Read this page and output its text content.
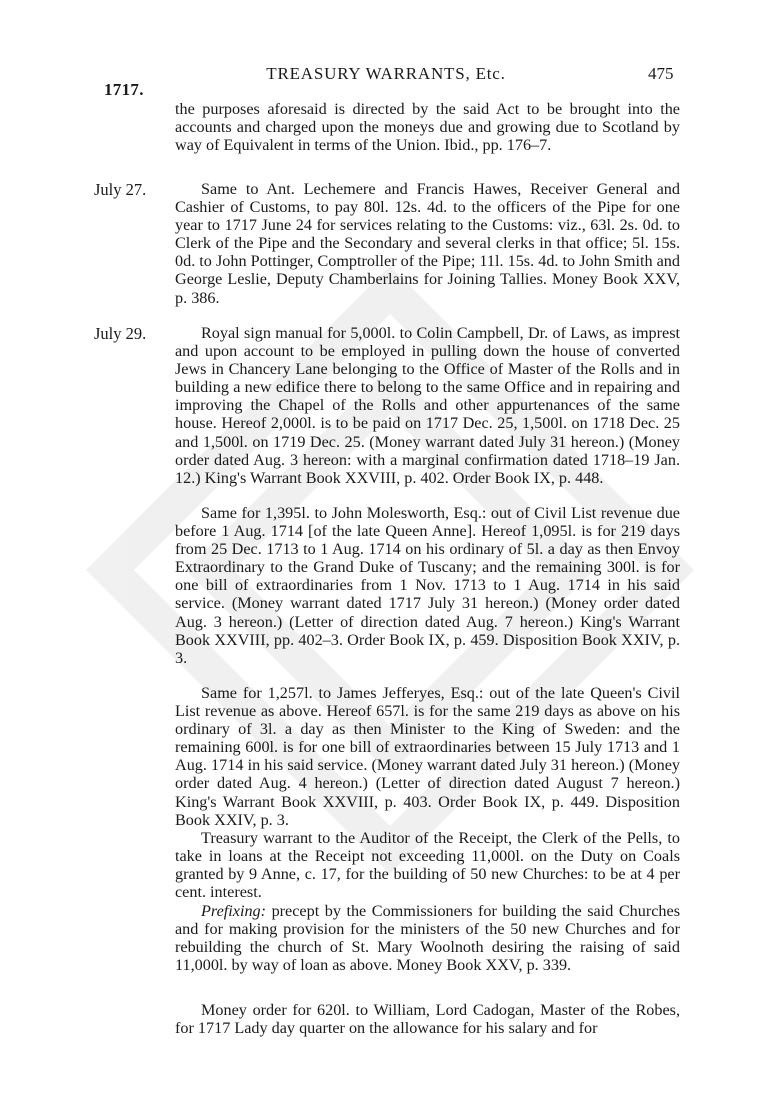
1717.
TREASURY WARRANTS, Etc.	475
the purposes aforesaid is directed by the said Act to be brought into the accounts and charged upon the moneys due and growing due to Scotland by way of Equivalent in terms of the Union. Ibid., pp. 176–7.
July 27.	Same to Ant. Lechemere and Francis Hawes, Receiver General and Cashier of Customs, to pay 80l. 12s. 4d. to the officers of the Pipe for one year to 1717 June 24 for services relating to the Customs: viz., 63l. 2s. 0d. to Clerk of the Pipe and the Secondary and several clerks in that office; 5l. 15s. 0d. to John Pottinger, Comptroller of the Pipe; 11l. 15s. 4d. to John Smith and George Leslie, Deputy Chamberlains for Joining Tallies. Money Book XXV, p. 386.
July 29.	Royal sign manual for 5,000l. to Colin Campbell, Dr. of Laws, as imprest and upon account to be employed in pulling down the house of converted Jews in Chancery Lane belonging to the Office of Master of the Rolls and in building a new edifice there to belong to the same Office and in repairing and improving the Chapel of the Rolls and other appurtenances of the same house. Hereof 2,000l. is to be paid on 1717 Dec. 25, 1,500l. on 1718 Dec. 25 and 1,500l. on 1719 Dec. 25. (Money warrant dated July 31 hereon.) (Money order dated Aug. 3 hereon: with a marginal confirmation dated 1718–19 Jan. 12.) King's Warrant Book XXVIII, p. 402. Order Book IX, p. 448.
Same for 1,395l. to John Molesworth, Esq.: out of Civil List revenue due before 1 Aug. 1714 [of the late Queen Anne]. Hereof 1,095l. is for 219 days from 25 Dec. 1713 to 1 Aug. 1714 on his ordinary of 5l. a day as then Envoy Extraordinary to the Grand Duke of Tuscany; and the remaining 300l. is for one bill of extraordinaries from 1 Nov. 1713 to 1 Aug. 1714 in his said service. (Money warrant dated 1717 July 31 hereon.) (Money order dated Aug. 3 hereon.) (Letter of direction dated Aug. 7 hereon.) King's Warrant Book XXVIII, pp. 402–3. Order Book IX, p. 459. Disposition Book XXIV, p. 3.
Same for 1,257l. to James Jefferyes, Esq.: out of the late Queen's Civil List revenue as above. Hereof 657l. is for the same 219 days as above on his ordinary of 3l. a day as then Minister to the King of Sweden: and the remaining 600l. is for one bill of extraordinaries between 15 July 1713 and 1 Aug. 1714 in his said service. (Money warrant dated July 31 hereon.) (Money order dated Aug. 4 hereon.) (Letter of direction dated August 7 hereon.) King's Warrant Book XXVIII, p. 403. Order Book IX, p. 449. Disposition Book XXIV, p. 3.
Treasury warrant to the Auditor of the Receipt, the Clerk of the Pells, to take in loans at the Receipt not exceeding 11,000l. on the Duty on Coals granted by 9 Anne, c. 17, for the building of 50 new Churches: to be at 4 per cent. interest.
Prefixing: precept by the Commissioners for building the said Churches and for making provision for the ministers of the 50 new Churches and for rebuilding the church of St. Mary Woolnoth desiring the raising of said 11,000l. by way of loan as above. Money Book XXV, p. 339.
Money order for 620l. to William, Lord Cadogan, Master of the Robes, for 1717 Lady day quarter on the allowance for his salary and for
